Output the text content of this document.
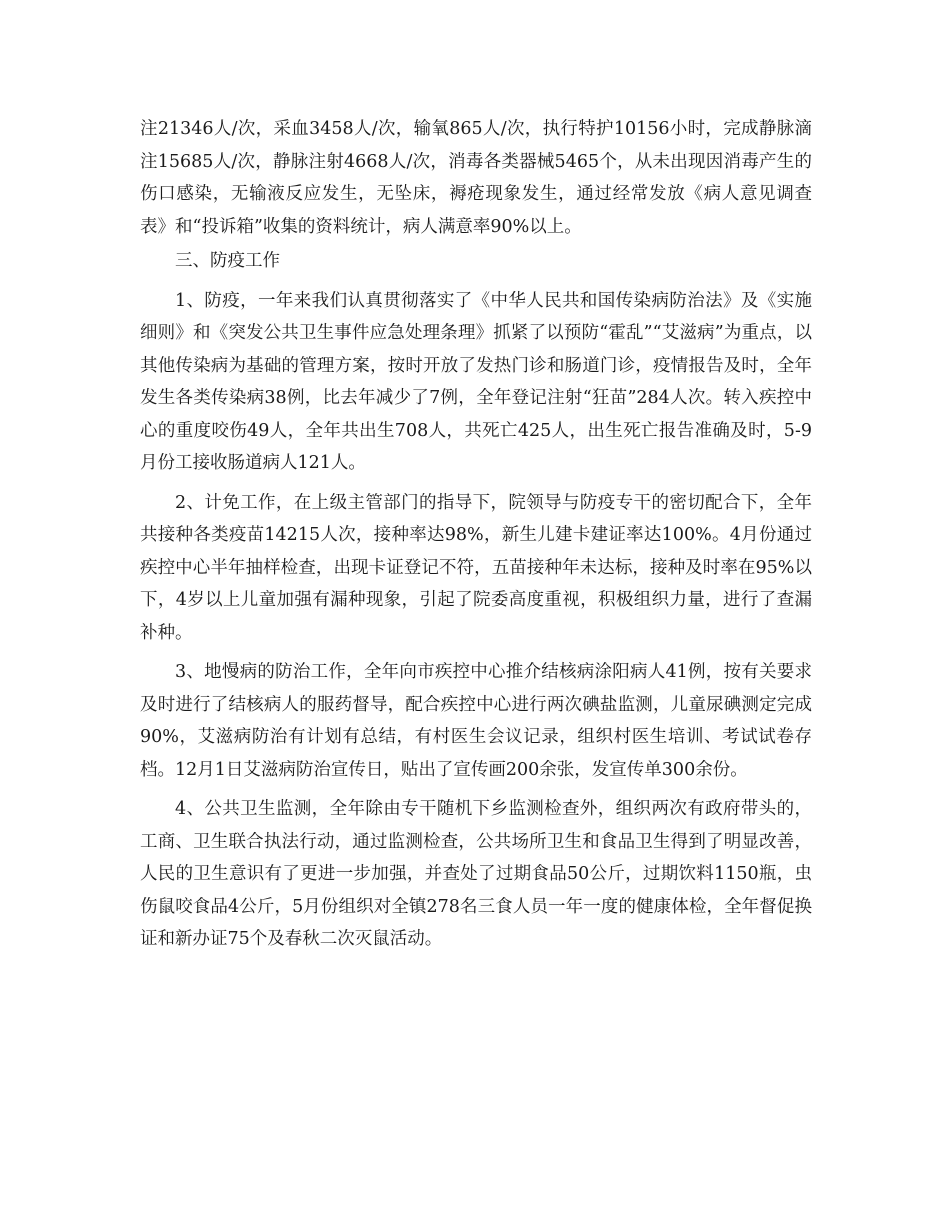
注21346人/次，采血3458人/次，输氧865人/次，执行特护10156小时，完成静脉滴注15685人/次，静脉注射4668人/次，消毒各类器械5465个，从未出现因消毒产生的伤口感染，无输液反应发生，无坠床，褥疮现象发生，通过经常发放《病人意见调查表》和“投诉箱”收集的资料统计，病人满意率90%以上。

三、防疫工作

1、防疫，一年来我们认真贯彻落实了《中华人民共和国传染病防治法》及《实施细则》和《突发公共卫生事件应急处理条理》抓紧了以预防“霍乱”“艾滋病”为重点，以其他传染病为基础的管理方案，按时开放了发热门诊和肠道门诊，疫情报告及时，全年发生各类传染病38例，比去年减少了7例，全年登记注射“狂苗”284人次。转入疾控中心的重度咬伤49人，全年共出生708人，共死亡425人，出生死亡报告准确及时，5-9月份工接收肠道病人121人。

2、计免工作，在上级主管部门的指导下，院领导与防疫专干的密切配合下，全年共接种各类疫苗14215人次，接种率达98%，新生儿建卡建证率达100%。4月份通过疾控中心半年抽样检查，出现卡证登记不符，五苗接种年未达标，接种及时率在95%以下，4岁以上儿童加强有漏种现象，引起了院委高度重视，积极组织力量，进行了查漏补种。

3、地慢病的防治工作，全年向市疾控中心推介结核病涂阳病人41例，按有关要求及时进行了结核病人的服药督导，配合疾控中心进行两次碘盐监测，儿童尿碘测定完成90%，艾滋病防治有计划有总结，有村医生会议记录，组织村医生培训、考试试卷存档。12月1日艾滋病防治宣传日，贴出了宣传画200余张，发宣传单300余份。

4、公共卫生监测，全年除由专干随机下乡监测检查外，组织两次有政府带头的，工商、卫生联合执法行动，通过监测检查，公共场所卫生和食品卫生得到了明显改善，人民的卫生意识有了更进一步加强，并查处了过期食品50公斤，过期饮料1150瓶，虫伤鼠咬食品4公斤，5月份组织对全镇278名三食人员一年一度的健康体检，全年督促换证和新办证75个及春秋二次灭鼠活动。
